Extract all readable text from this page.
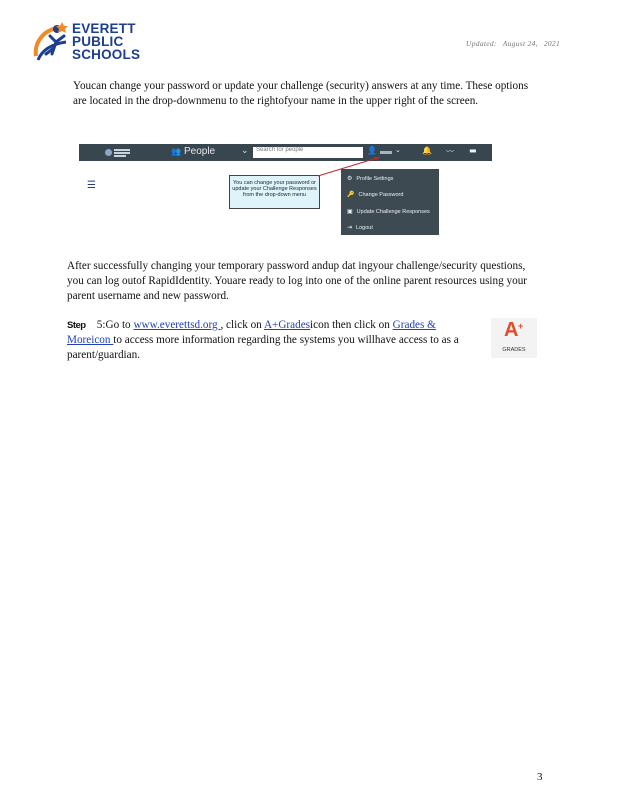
EVERETT
PUBLIC
SCHOOLS
Updated: August 24, 2021

Youcan change your password or update your challenge (security) answers at any time. These options are located in the drop-downmenu to the rightofyour name in the upper right of the screen.

👥 People	⌄ Search for people	👤	⌄	🔔 〰 ▬
☰	You can change your password or update your Challenge Responses from the drop-down menu
⚙ Profile Settings
🔑 Change Password
▣ Update Challenge Responses
⇥ Logout

After successfully changing your temporary password andup dat ingyour challenge/security questions, you can log outof RapidIdentity. Youare ready to log into one of the online parent resources using your parent username and new password.

Step 5:Go to www.everettsd.org , click on A+Gradesicon then click on Grades & Moreicon to access more information regarding the systems you willhave access to as a parent/guardian.

A +
GRADES
3
